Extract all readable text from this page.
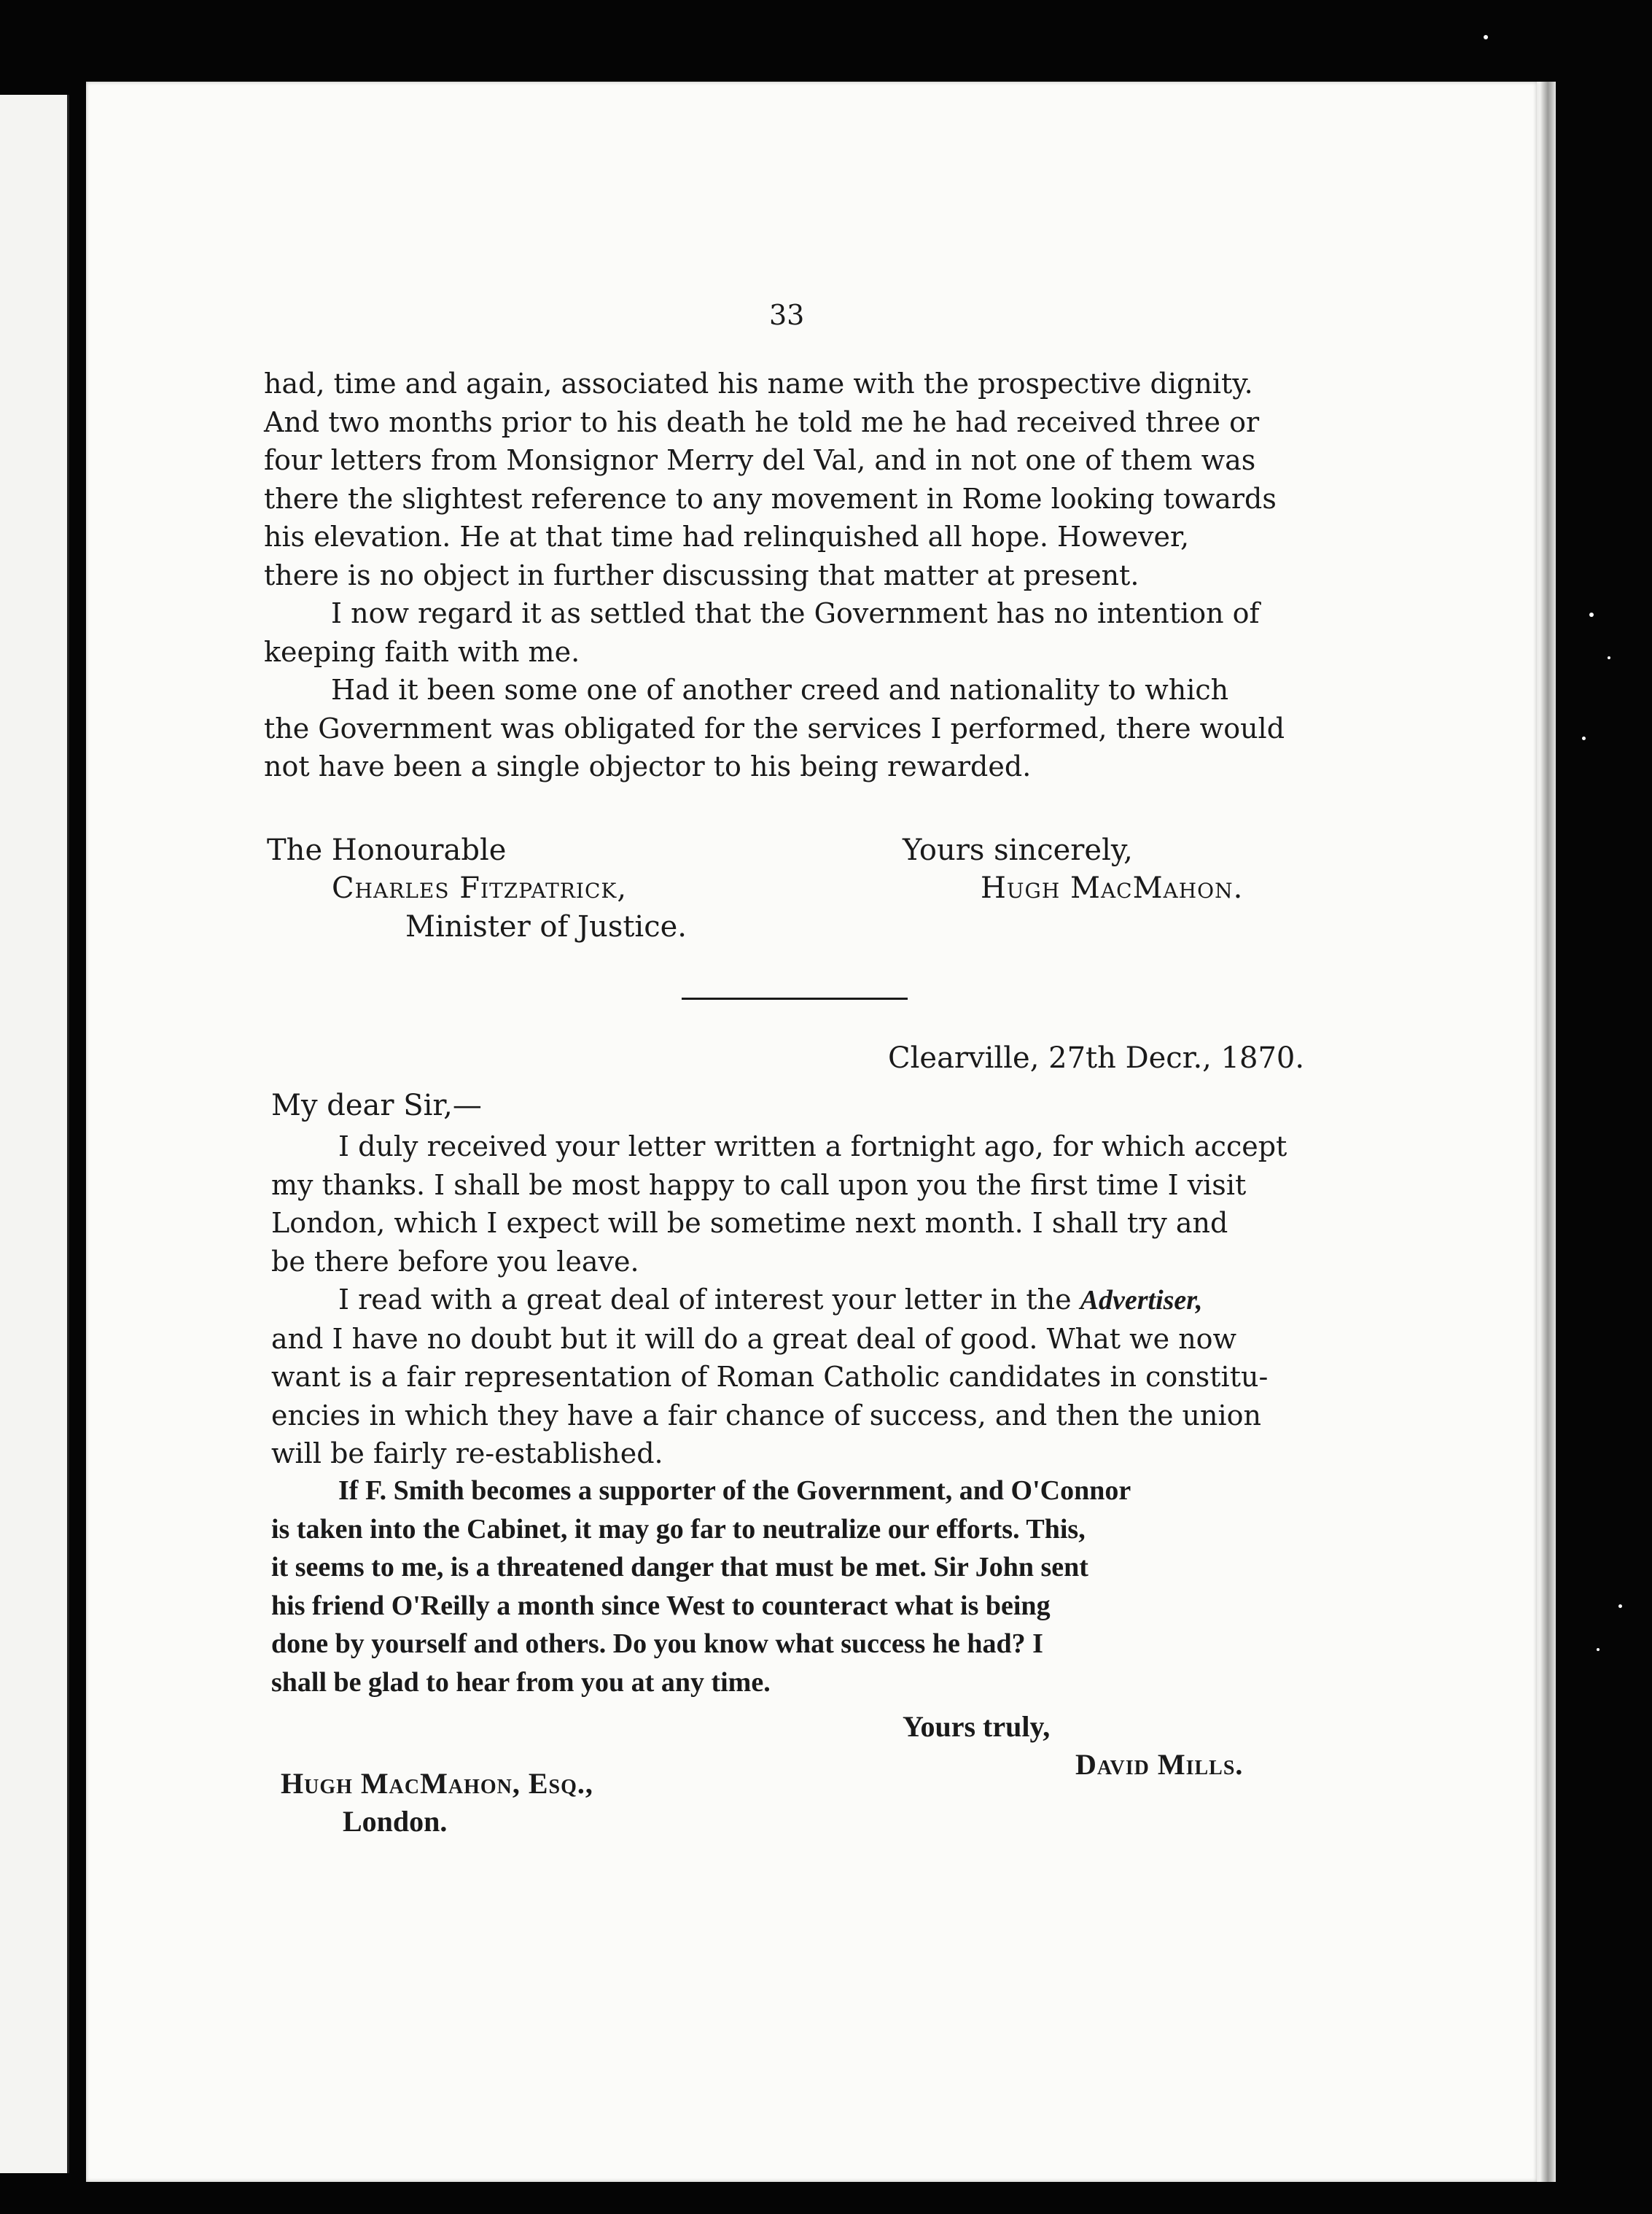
33
had, time and again, associated his name with the prospective dignity.
And two months prior to his death he told me he had received three or
four letters from Monsignor Merry del Val, and in not one of them was
there the slightest reference to any movement in Rome looking towards
his elevation. He at that time had relinquished all hope. However,
there is no object in further discussing that matter at present.
I now regard it as settled that the Government has no intention of
keeping faith with me.
Had it been some one of another creed and nationality to which
the Government was obligated for the services I performed, there would
not have been a single objector to his being rewarded.
The Honourable
Charles Fitzpatrick,
Minister of Justice.
Yours sincerely,
Hugh MacMahon.
Clearville, 27th Decr., 1870.
My dear Sir,—
I duly received your letter written a fortnight ago, for which accept
my thanks. I shall be most happy to call upon you the first time I visit
London, which I expect will be sometime next month. I shall try and
be there before you leave.
I read with a great deal of interest your letter in the Advertiser,
and I have no doubt but it will do a great deal of good. What we now
want is a fair representation of Roman Catholic candidates in constitu-
encies in which they have a fair chance of success, and then the union
will be fairly re-established.
If F. Smith becomes a supporter of the Government, and O'Connor
is taken into the Cabinet, it may go far to neutralize our efforts. This,
it seems to me, is a threatened danger that must be met. Sir John sent
his friend O'Reilly a month since West to counteract what is being
done by yourself and others. Do you know what success he had? I
shall be glad to hear from you at any time.
Yours truly,
David Mills.
Hugh MacMahon, Esq.,
London.
